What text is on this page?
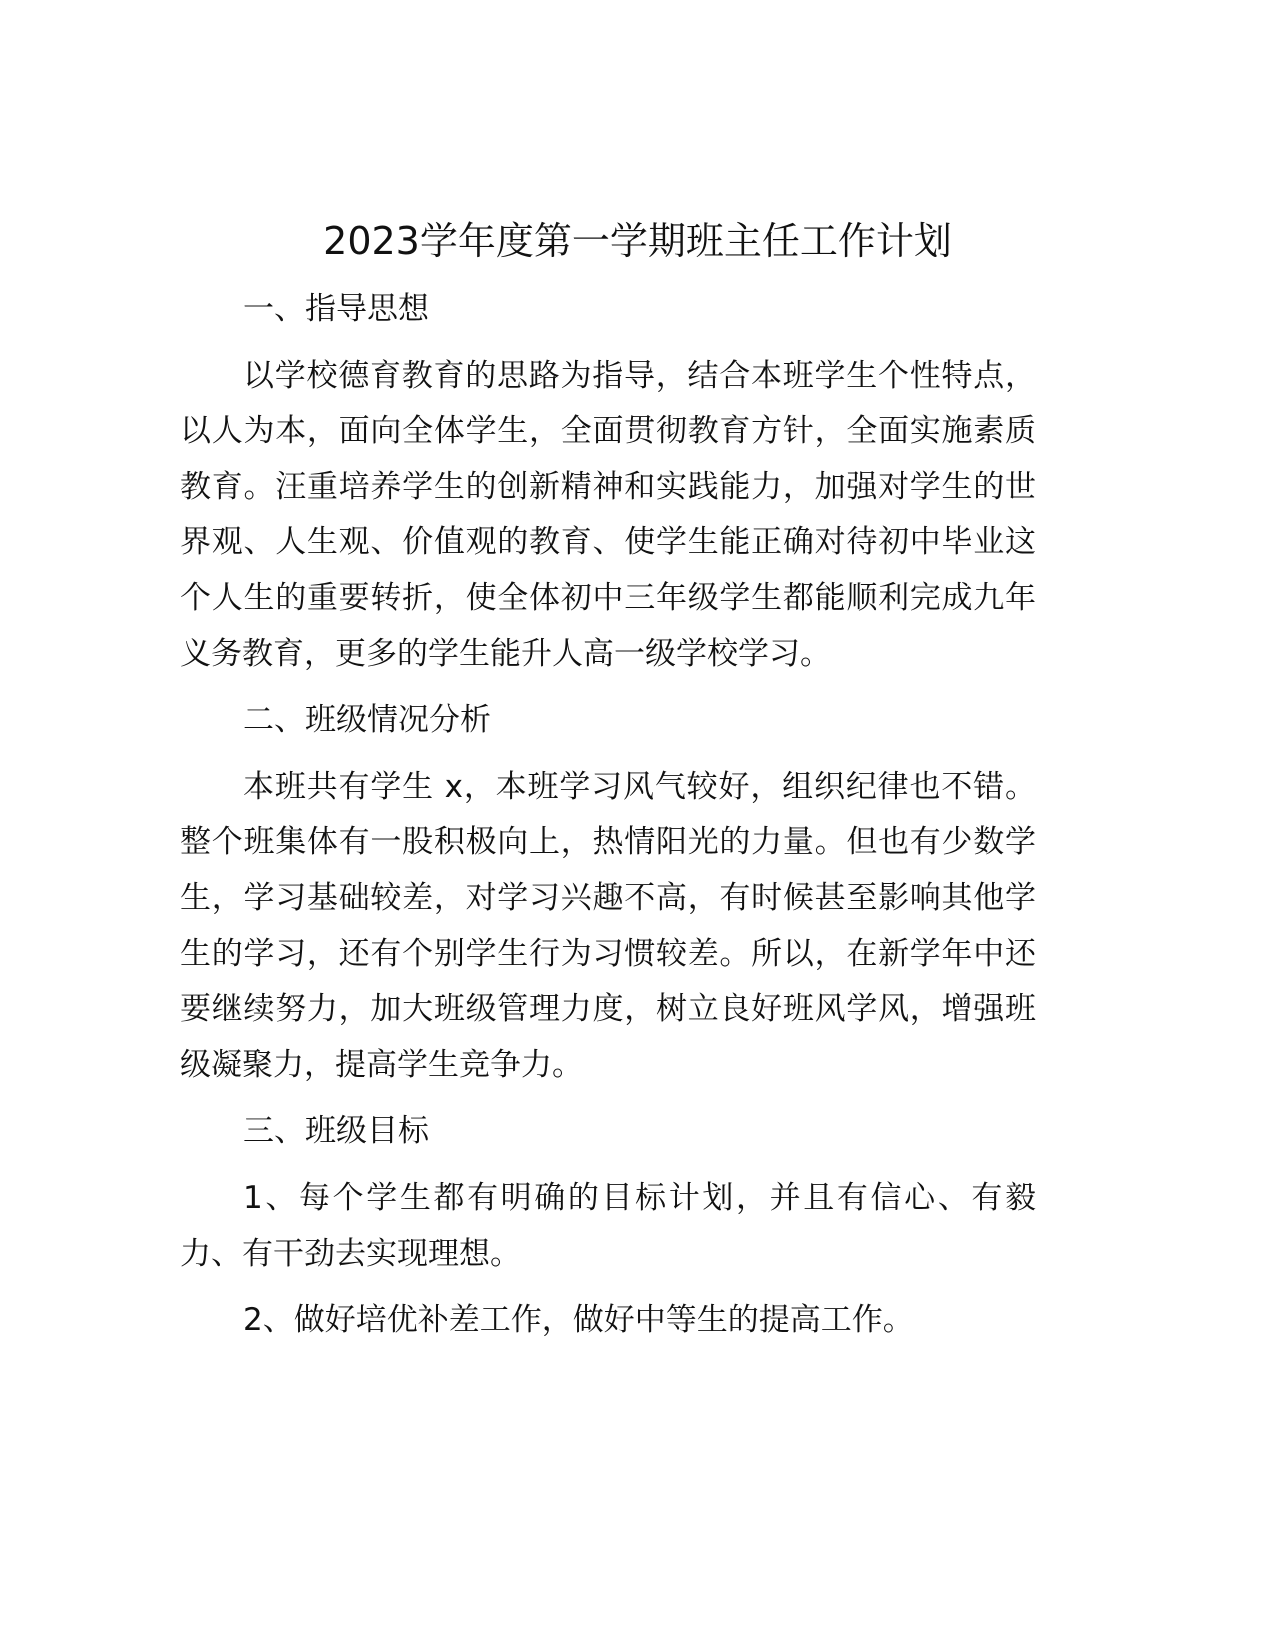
2023学年度第一学期班主任工作计划
一、指导思想
以学校德育教育的思路为指导，结合本班学生个性特点，
以人为本，面向全体学生，全面贯彻教育方针，全面实施素质
教育。汪重培养学生的创新精神和实践能力，加强对学生的世
界观、人生观、价值观的教育、使学生能正确对待初中毕业这
个人生的重要转折，使全体初中三年级学生都能顺利完成九年
义务教育，更多的学生能升人高一级学校学习。
二、班级情况分析
本班共有学生 x，本班学习风气较好，组织纪律也不错。
整个班集体有一股积极向上，热情阳光的力量。但也有少数学
生，学习基础较差，对学习兴趣不高，有时候甚至影响其他学
生的学习，还有个别学生行为习惯较差。所以，在新学年中还
要继续努力，加大班级管理力度，树立良好班风学风，增强班
级凝聚力，提高学生竞争力。
三、班级目标
1、每个学生都有明确的目标计划，并且有信心、有毅
力、有干劲去实现理想。
2、做好培优补差工作，做好中等生的提高工作。
